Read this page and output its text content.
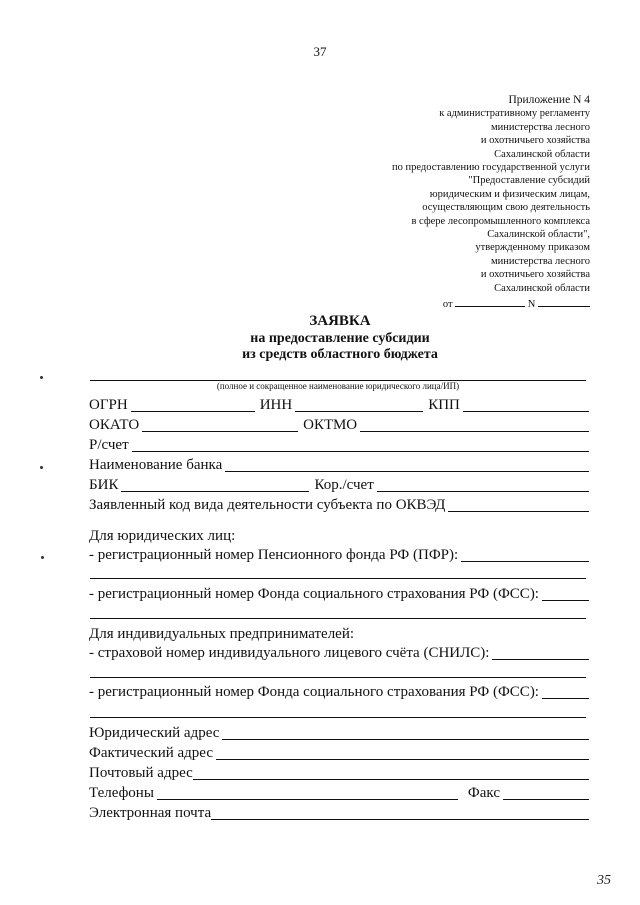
37
Приложение N 4
к административному регламенту
министерства лесного
и охотничьего хозяйства
Сахалинской области
по предоставлению государственной услуги
"Предоставление субсидий
юридическим и физическим лицам,
осуществляющим свою деятельность
в сфере лесопромышленного комплекса
Сахалинской области",
утвержденному приказом
министерства лесного
и охотничьего хозяйства
Сахалинской области
от	N
ЗАЯВКА
на предоставление субсидии
из средств областного бюджета
(полное и сокращенное наименование юридического лица/ИП)
ОГРН	ИНН	КПП
ОКАТО	ОКТМО
Р/счет
Наименование банка
БИК	Кор./счет
Заявленный код вида деятельности субъекта по ОКВЭД
Для юридических лиц:
- регистрационный номер Пенсионного фонда РФ (ПФР):
- регистрационный номер Фонда социального страхования РФ (ФСС):
Для индивидуальных предпринимателей:
- страховой номер индивидуального лицевого счёта (СНИЛС):
- регистрационный номер Фонда социального страхования РФ (ФСС):
Юридический адрес
Фактический адрес
Почтовый адрес
Телефоны	Факс
Электронная почта
35
